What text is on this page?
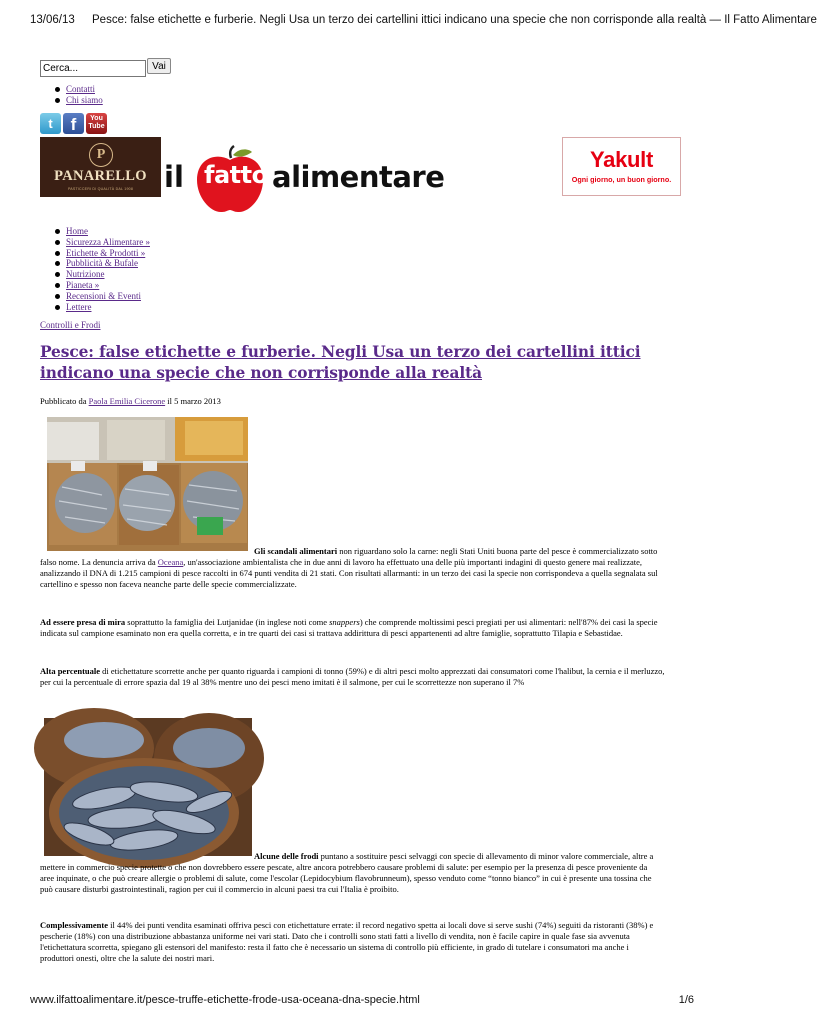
13/06/13 Pesce: false etichette e furberie. Negli Usa un terzo dei cartellini ittici indicano una specie che non corrisponde alla realtà — Il Fatto Alimentare
Cerca...
Vai
Contatti
Chi siamo
t	f	You
Tube
P
PANARELLO
PASTICCERI DI QUALITÀ DAL 1908	il fatto alimentare
Yakult
Ogni giorno, un buon giorno.
Home
Sicurezza Alimentare »
Etichette & Prodotti »
Pubblicità & Bufale
Nutrizione
Pianeta »
Recensioni & Eventi
Lettere
Controlli e Frodi
Pesce: false etichette e furberie. Negli Usa un terzo dei cartellini ittici indicano una specie che non corrisponde alla realtà
Pubblicato da Paola Emilia Cicerone il 5 marzo 2013

Gli scandali alimentari non riguardano solo la carne: negli Stati Uniti buona parte del pesce è commercializzato sotto
falso nome. La denuncia arriva da Oceana, un'associazione ambientalista che in due anni di lavoro ha effettuato una delle più importanti indagini di questo genere mai realizzate,
analizzando il DNA di 1.215 campioni di pesce raccolti in 674 punti vendita di 21 stati. Con risultati allarmanti: in un terzo dei casi la specie non corrispondeva a quella segnalata sul
cartellino e spesso non faceva neanche parte delle specie commercializzate.

Ad essere presa di mira soprattutto la famiglia dei Lutjanidae (in inglese noti come snappers) che comprende moltissimi pesci pregiati per usi alimentari: nell'87% dei casi la specie
indicata sul campione esaminato non era quella corretta, e in tre quarti dei casi si trattava addirittura di pesci appartenenti ad altre famiglie, soprattutto Tilapia e Sebastidae.

Alta percentuale di etichettature scorrette anche per quanto riguarda i campioni di tonno (59%) e di altri pesci molto apprezzati dai consumatori come l'halibut, la cernia e il merluzzo,
per cui la percentuale di errore spazia dal 19 al 38% mentre uno dei pesci meno imitati è il salmone, per cui le scorrettezze non superano il 7%

Alcune delle frodi puntano a sostituire pesci selvaggi con specie di allevamento di minor valore commerciale, altre a
mettere in commercio specie protette o che non dovrebbero essere pescate, altre ancora potrebbero causare problemi di salute: per esempio per la presenza di pesce proveniente da
aree inquinate, o che può creare allergie o problemi di salute, come l'escolar (Lepidocybium flavobrunneum), spesso venduto come “tonno bianco” in cui è presente una tossina che
può causare disturbi gastrointestinali, ragion per cui il commercio in alcuni paesi tra cui l'Italia è proibito.

Complessivamente il 44% dei punti vendita esaminati offriva pesci con etichettature errate: il record negativo spetta ai locali dove si serve sushi (74%) seguiti da ristoranti (38%) e
pescherie (18%) con una distribuzione abbastanza uniforme nei vari stati. Dato che i controlli sono stati fatti a livello di vendita, non è facile capire in quale fase sia avvenuta
l'etichettatura scorretta, spiegano gli estensori del manifesto: resta il fatto che è necessario un sistema di controllo più efficiente, in grado di tutelare i consumatori ma anche i
produttori onesti, oltre che la salute dei nostri mari.

www.ilfattoalimentare.it/pesce-truffe-etichette-frode-usa-oceana-dna-specie.html	1/6
